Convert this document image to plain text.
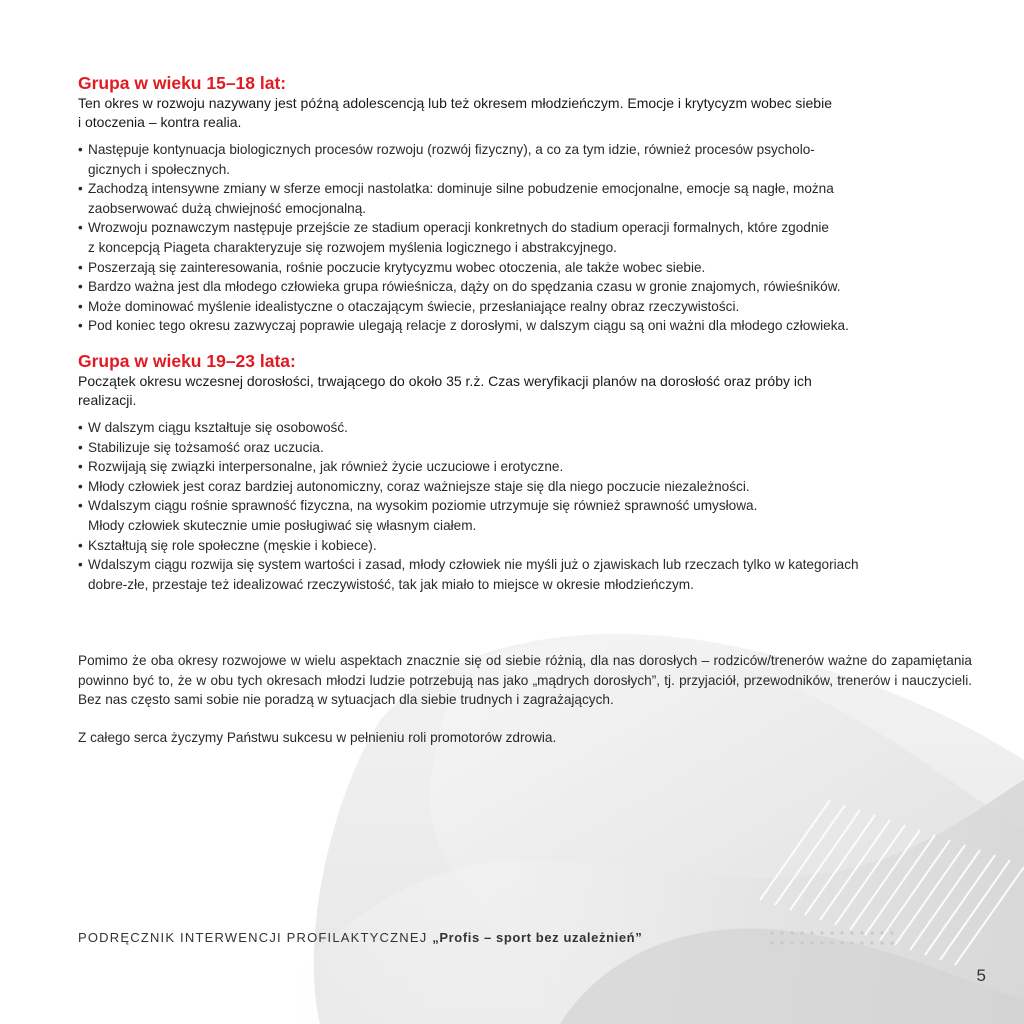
Grupa w wieku 15–18 lat:

Ten okres w rozwoju nazywany jest późną adolescencją lub też okresem młodzieńczym. Emocje i krytycyzm wobec siebie
i otoczenia – kontra realia.

• Następuje kontynuacja biologicznych procesów rozwoju (rozwój fizyczny), a co za tym idzie, również procesów psycholo-
gicznych i społecznych.
• Zachodzą intensywne zmiany w sferze emocji nastolatka: dominuje silne pobudzenie emocjonalne, emocje są nagłe, można
zaobserwować dużą chwiejność emocjonalną.
• Wrozwoju poznawczym następuje przejście ze stadium operacji konkretnych do stadium operacji formalnych, które zgodnie
z koncepcją Piageta charakteryzuje się rozwojem myślenia logicznego i abstrakcyjnego.
• Poszerzają się zainteresowania, rośnie poczucie krytycyzmu wobec otoczenia, ale także wobec siebie.
• Bardzo ważna jest dla młodego człowieka grupa rówieśnicza, dąży on do spędzania czasu w gronie znajomych, rówieśników.
• Może dominować myślenie idealistyczne o otaczającym świecie, przesłaniające realny obraz rzeczywistości.
• Pod koniec tego okresu zazwyczaj poprawie ulegają relacje z dorosłymi, w dalszym ciągu są oni ważni dla młodego człowieka.
Grupa w wieku 19–23 lata:

Początek okresu wczesnej dorosłości, trwającego do około 35 r.ż. Czas weryfikacji planów na dorosłość oraz próby ich
realizacji.

• W dalszym ciągu kształtuje się osobowość.
• Stabilizuje się tożsamość oraz uczucia.
• Rozwijają się związki interpersonalne, jak również życie uczuciowe i erotyczne.
• Młody człowiek jest coraz bardziej autonomiczny, coraz ważniejsze staje się dla niego poczucie niezależności.
• Wdalszym ciągu rośnie sprawność fizyczna, na wysokim poziomie utrzymuje się również sprawność umysłowa.
Młody człowiek skutecznie umie posługiwać się własnym ciałem.
• Kształtują się role społeczne (męskie i kobiece).
• Wdalszym ciągu rozwija się system wartości i zasad, młody człowiek nie myśli już o zjawiskach lub rzeczach tylko w kategoriach
dobre-złe, przestaje też idealizować rzeczywistość, tak jak miało to miejsce w okresie młodzieńczym.

Pomimo że oba okresy rozwojowe w wielu aspektach znacznie się od siebie różnią, dla nas dorosłych – rodziców/trenerów ważne do zapamiętania powinno być to, że w obu tych okresach młodzi ludzie potrzebują nas jako „mądrych dorosłych”, tj. przyjaciół, przewodników, trenerów i nauczycieli. Bez nas często sami sobie nie poradzą w sytuacjach dla siebie trudnych i zagrażających.

Z całego serca życzymy Państwu sukcesu w pełnieniu roli promotorów zdrowia.

PODRĘCZNIK INTERWENCJI PROFILAKTYCZNEJ „Profis – sport bez uzależnień”
5
